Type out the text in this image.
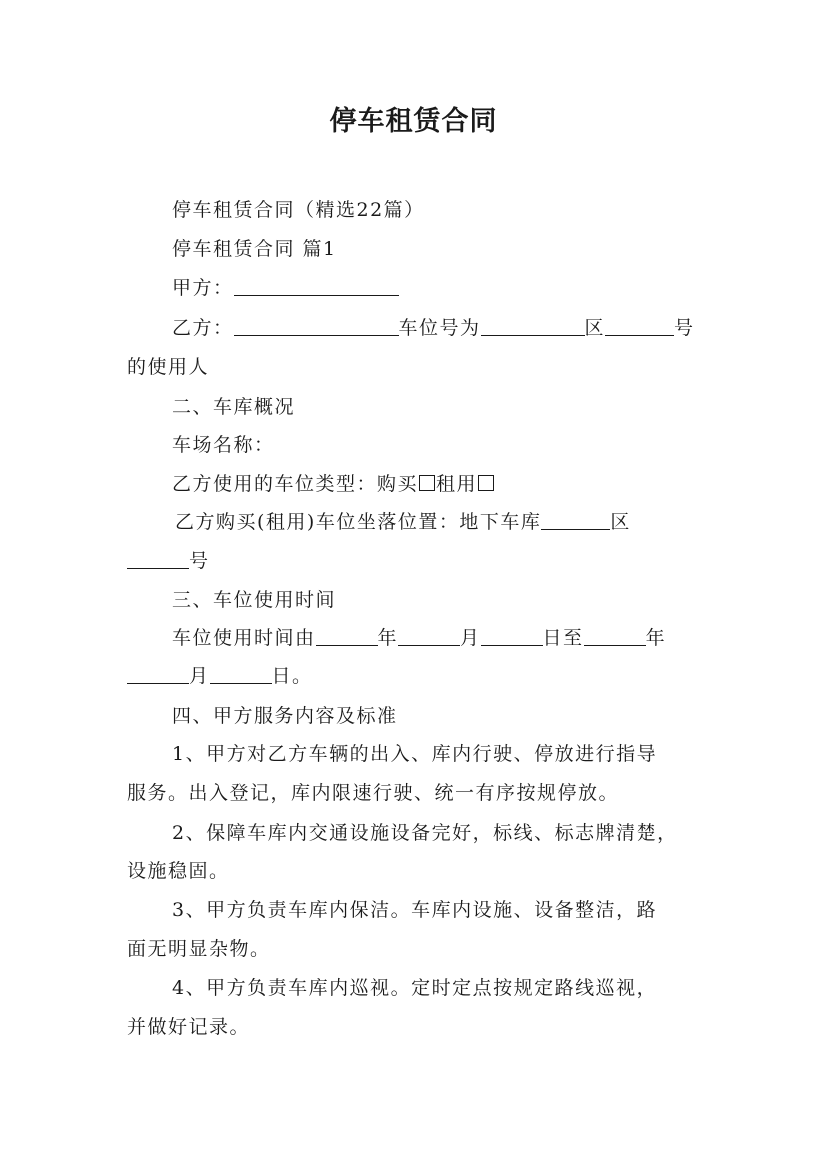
停车租赁合同
停车租赁合同（精选22篇）
停车租赁合同 篇1
甲方：
乙方：	车位号为	区	号
的使用人
二、车库概况
车场名称：
乙方使用的车位类型：购买 租用
乙方购买(租用)车位坐落位置：地下车库	区
号
三、车位使用时间
车位使用时间由	年	月	日至	年
月	日。
四、甲方服务内容及标准
1、甲方对乙方车辆的出入、库内行驶、停放进行指导
服务。出入登记，库内限速行驶、统一有序按规停放。
2、保障车库内交通设施设备完好，标线、标志牌清楚，
设施稳固。
3、甲方负责车库内保洁。车库内设施、设备整洁，路
面无明显杂物。
4、甲方负责车库内巡视。定时定点按规定路线巡视，
并做好记录。
